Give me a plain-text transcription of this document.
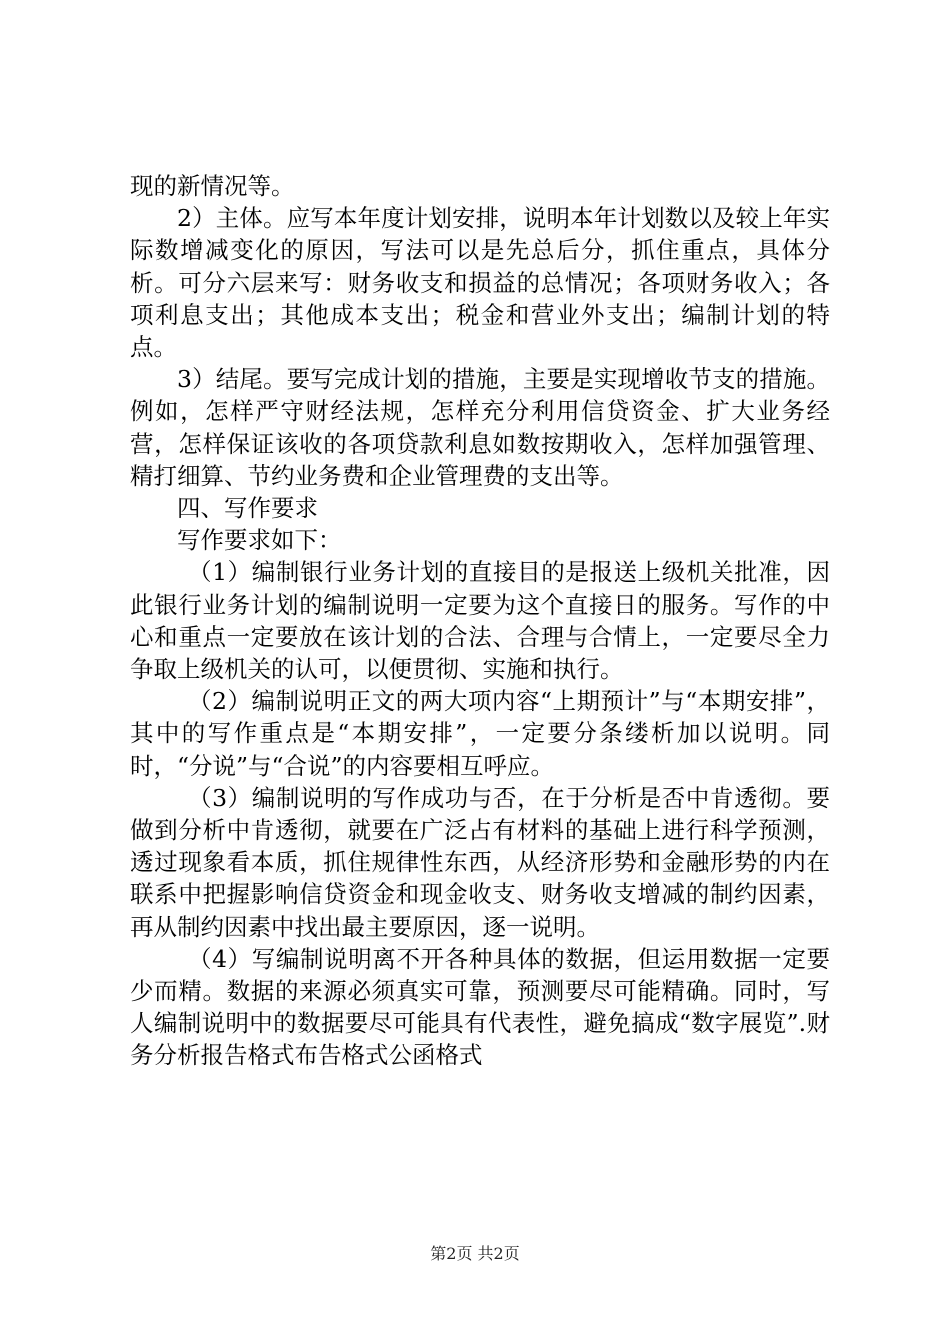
现的新情况等。

2）主体。应写本年度计划安排，说明本年计划数以及较上年实际数增减变化的原因，写法可以是先总后分，抓住重点，具体分析。可分六层来写：财务收支和损益的总情况；各项财务收入；各项利息支出；其他成本支出；税金和营业外支出；编制计划的特点。

3）结尾。要写完成计划的措施，主要是实现增收节支的措施。例如，怎样严守财经法规，怎样充分利用信贷资金、扩大业务经营，怎样保证该收的各项贷款利息如数按期收入，怎样加强管理、精打细算、节约业务费和企业管理费的支出等。

四、写作要求

写作要求如下：

（1）编制银行业务计划的直接目的是报送上级机关批准，因此银行业务计划的编制说明一定要为这个直接日的服务。写作的中心和重点一定要放在该计划的合法、合理与合情上，一定要尽全力争取上级机关的认可，以便贯彻、实施和执行。

（2）编制说明正文的两大项内容“上期预计”与“本期安排”，其中的写作重点是“本期安排”，一定要分条缕析加以说明。同时，“分说”与“合说”的内容要相互呼应。

（3）编制说明的写作成功与否，在于分析是否中肯透彻。要做到分析中肯透彻，就要在广泛占有材料的基础上进行科学预测，透过现象看本质，抓住规律性东西，从经济形势和金融形势的内在联系中把握影响信贷资金和现金收支、财务收支增减的制约因素，再从制约因素中找出最主要原因，逐一说明。

（4）写编制说明离不开各种具体的数据，但运用数据一定要少而精。数据的来源必须真实可靠，预测要尽可能精确。同时，写人编制说明中的数据要尽可能具有代表性，避免搞成“数字展览”.财务分析报告格式布告格式公函格式

第2页 共2页
